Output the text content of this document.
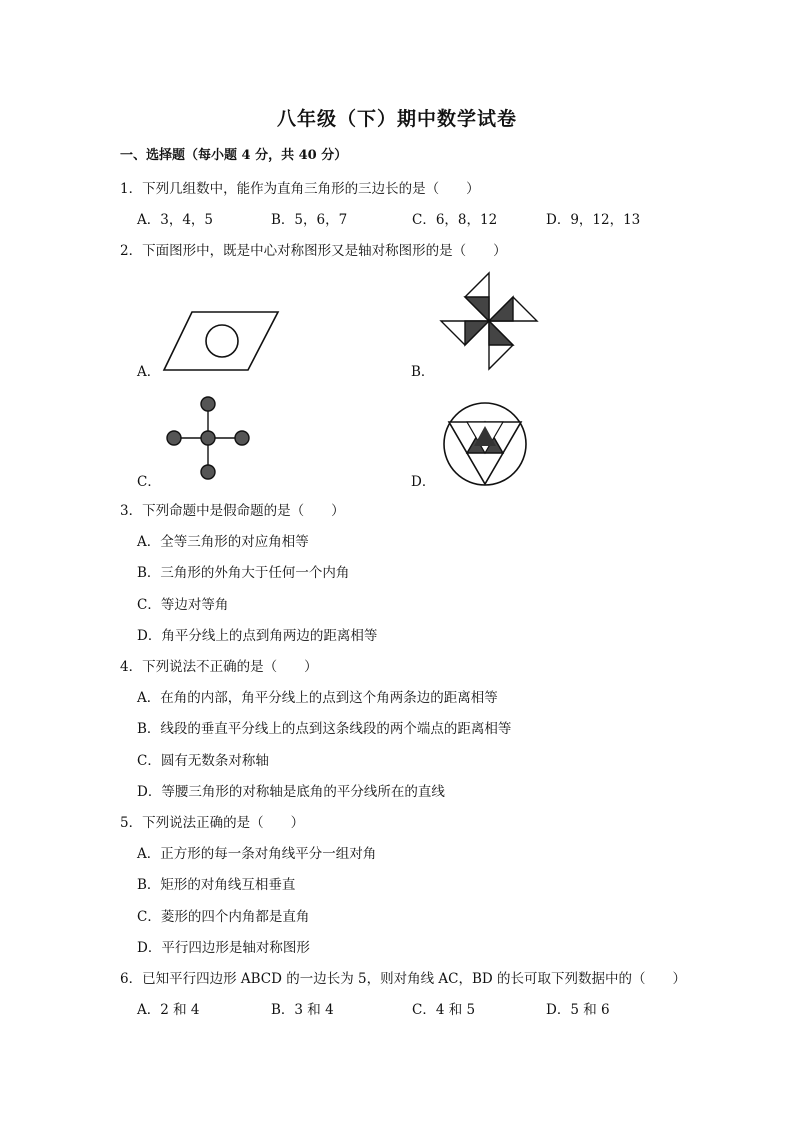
八年级（下）期中数学试卷
一、选择题（每小题 4 分，共 40 分）
1．下列几组数中，能作为直角三角形的三边长的是（　　）
A．3，4，5	B．5，6，7	C．6，8，12	D．9，12，13
2．下面图形中，既是中心对称图形又是轴对称图形的是（　　）
A．	B．
C．	D．
3．下列命题中是假命题的是（　　）
A．全等三角形的对应角相等
B．三角形的外角大于任何一个内角
C．等边对等角
D．角平分线上的点到角两边的距离相等
4．下列说法不正确的是（　　）
A．在角的内部，角平分线上的点到这个角两条边的距离相等
B．线段的垂直平分线上的点到这条线段的两个端点的距离相等
C．圆有无数条对称轴
D．等腰三角形的对称轴是底角的平分线所在的直线
5．下列说法正确的是（　　）
A．正方形的每一条对角线平分一组对角
B．矩形的对角线互相垂直
C．菱形的四个内角都是直角
D．平行四边形是轴对称图形
6．已知平行四边形 ABCD 的一边长为 5，则对角线 AC，BD 的长可取下列数据中的（　　）
A．2 和 4	B．3 和 4	C．4 和 5	D．5 和 6
